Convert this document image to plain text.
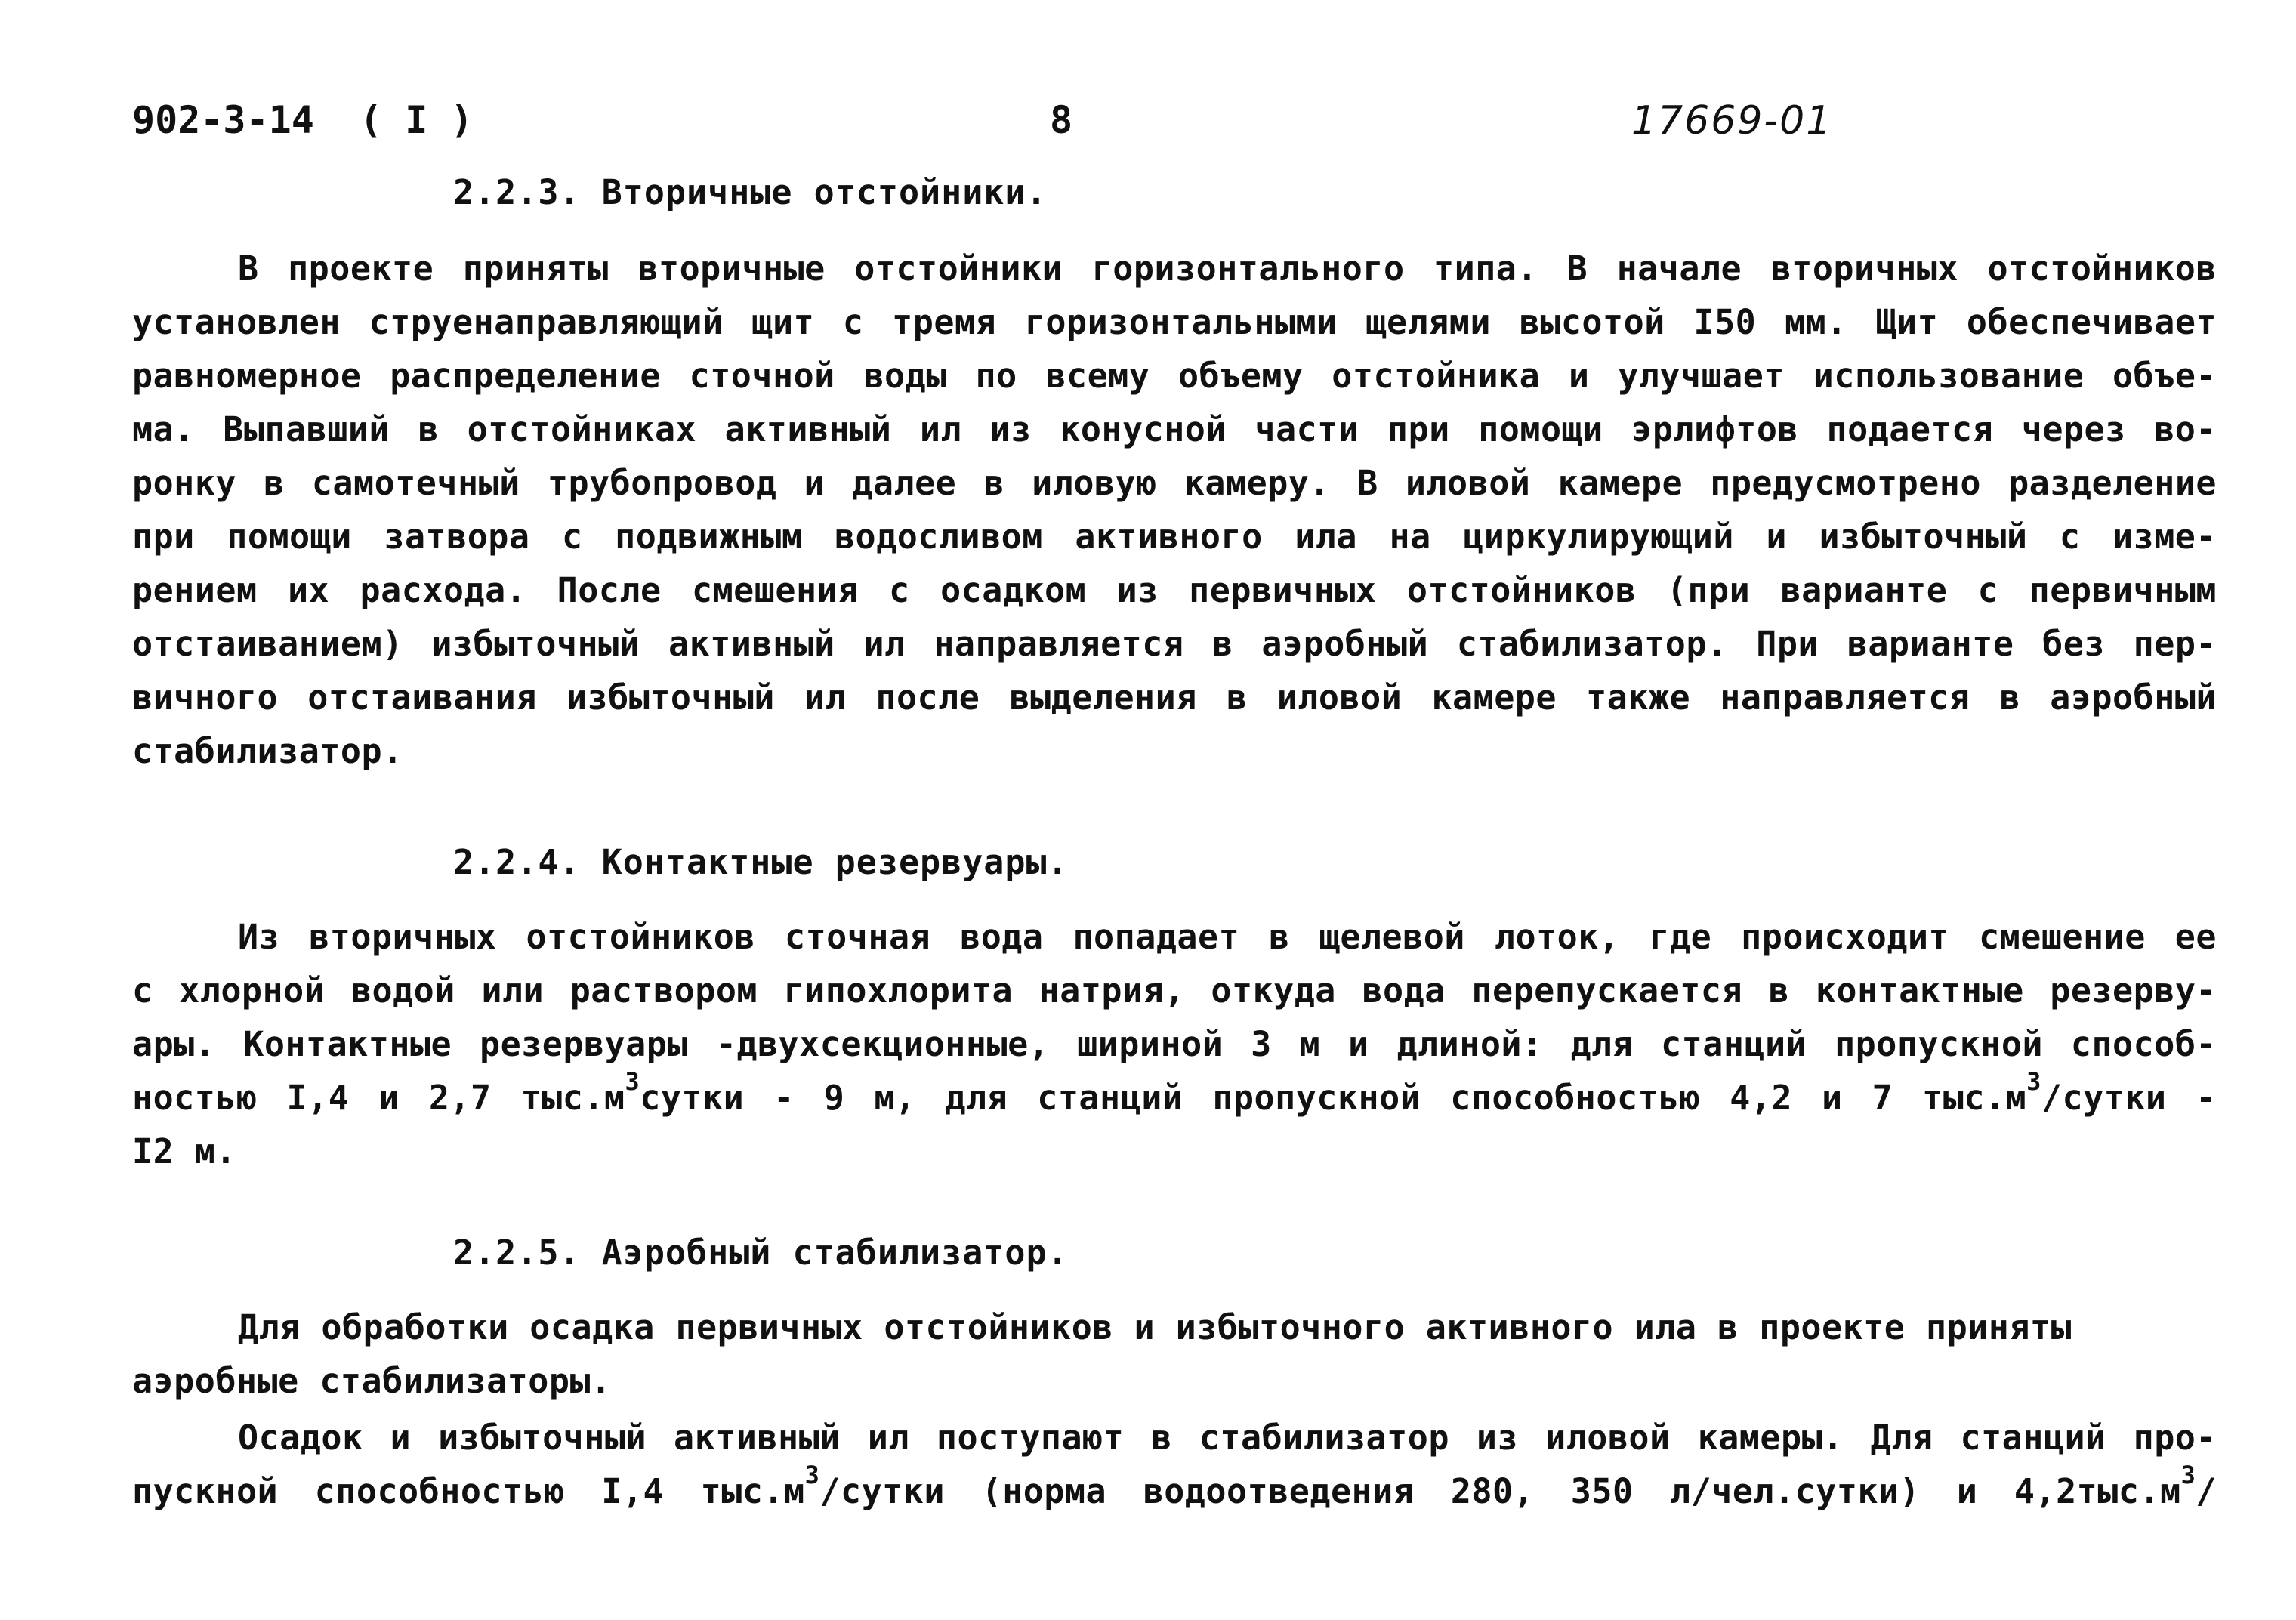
902-3-14  ( I )	8	17669-01
2.2.3. Вторичные отстойники.
В проекте приняты вторичные отстойники горизонтального типа. В начале вторичных отстойников
установлен струенаправляющий щит с тремя горизонтальными щелями высотой I50 мм. Щит обеспечивает
равномерное распределение сточной воды по всему объему отстойника и улучшает использование объе-
ма. Выпавший в отстойниках активный ил из конусной части при помощи эрлифтов подается через во-
ронку в самотечный трубопровод и далее в иловую камеру. В иловой камере предусмотрено разделение
при помощи затвора с подвижным водосливом активного ила на циркулирующий и избыточный с изме-
рением их расхода. После смешения с осадком из первичных отстойников (при варианте с первичным
отстаиванием) избыточный активный ил направляется в аэробный стабилизатор. При варианте без пер-
вичного отстаивания избыточный ил после выделения в иловой камере также направляется в аэробный
стабилизатор.
2.2.4. Контактные резервуары.
Из вторичных отстойников сточная вода попадает в щелевой лоток, где происходит смешение ее
с хлорной водой или раствором гипохлорита натрия, откуда вода перепускается в контактные резерву-
ары. Контактные резервуары -двухсекционные, шириной 3 м и длиной: для станций пропускной способ-
ностью I,4 и 2,7 $тыс.м^3сутки - 9$ м, для станций пропускной способностью 4,2 и 7 $тыс.м^3$/сутки -
I2 м.
2.2.5. Аэробный стабилизатор.
Для обработки осадка первичных отстойников и избыточного активного ила в проекте приняты
аэробные стабилизаторы.
Осадок и избыточный активный ил поступают в стабилизатор из иловой камеры. Для станций про-
пускной способностью I,4 $тыс.м^3$/сутки (норма водоотведения 280, 350 л/чел.сутки) и $4,2тыс.м^3/$
